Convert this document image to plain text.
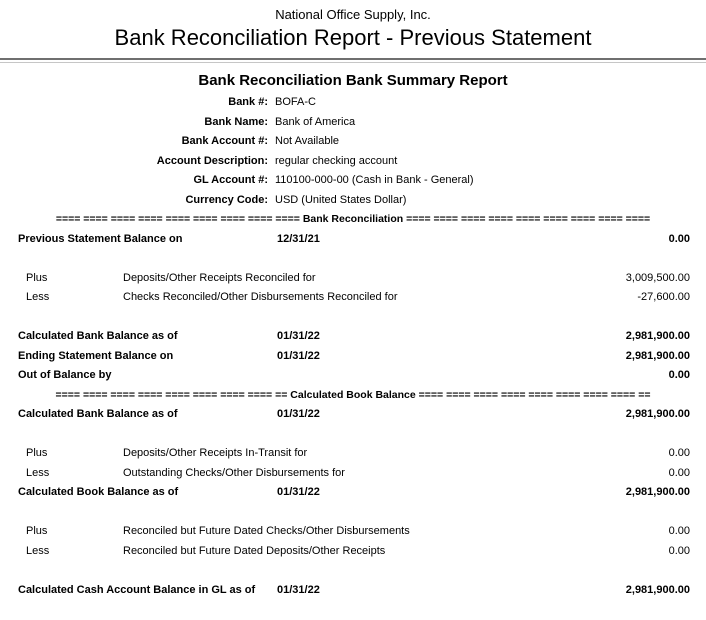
National Office Supply, Inc.
Bank Reconciliation Report - Previous Statement
Bank Reconciliation Bank Summary Report
Bank #: BOFA-C
Bank Name: Bank of America
Bank Account #: Not Available
Account Description: regular checking account
GL Account #: 110100-000-00 (Cash in Bank - General)
Currency Code: USD (United States Dollar)
==== ==== ==== ==== ==== ==== ==== ==== ==== Bank Reconciliation ==== ==== ==== ==== ==== ==== ==== ==== ====
Previous Statement Balance on	12/31/21	0.00
Plus	Deposits/Other Receipts Reconciled for	3,009,500.00
Less	Checks Reconciled/Other Disbursements Reconciled for	-27,600.00
Calculated Bank Balance as of	01/31/22	2,981,900.00
Ending Statement Balance on	01/31/22	2,981,900.00
Out of Balance by	0.00
==== ==== ==== ==== ==== ==== ==== ==== == Calculated Book Balance ==== ==== ==== ==== ==== ==== ==== ==== ==
Calculated Bank Balance as of	01/31/22	2,981,900.00
Plus	Deposits/Other Receipts In-Transit for	0.00
Less	Outstanding Checks/Other Disbursements for	0.00
Calculated Book Balance as of	01/31/22	2,981,900.00
Plus	Reconciled but Future Dated Checks/Other Disbursements	0.00
Less	Reconciled but Future Dated Deposits/Other Receipts	0.00
Calculated Cash Account Balance in GL as of 01/31/22	2,981,900.00
